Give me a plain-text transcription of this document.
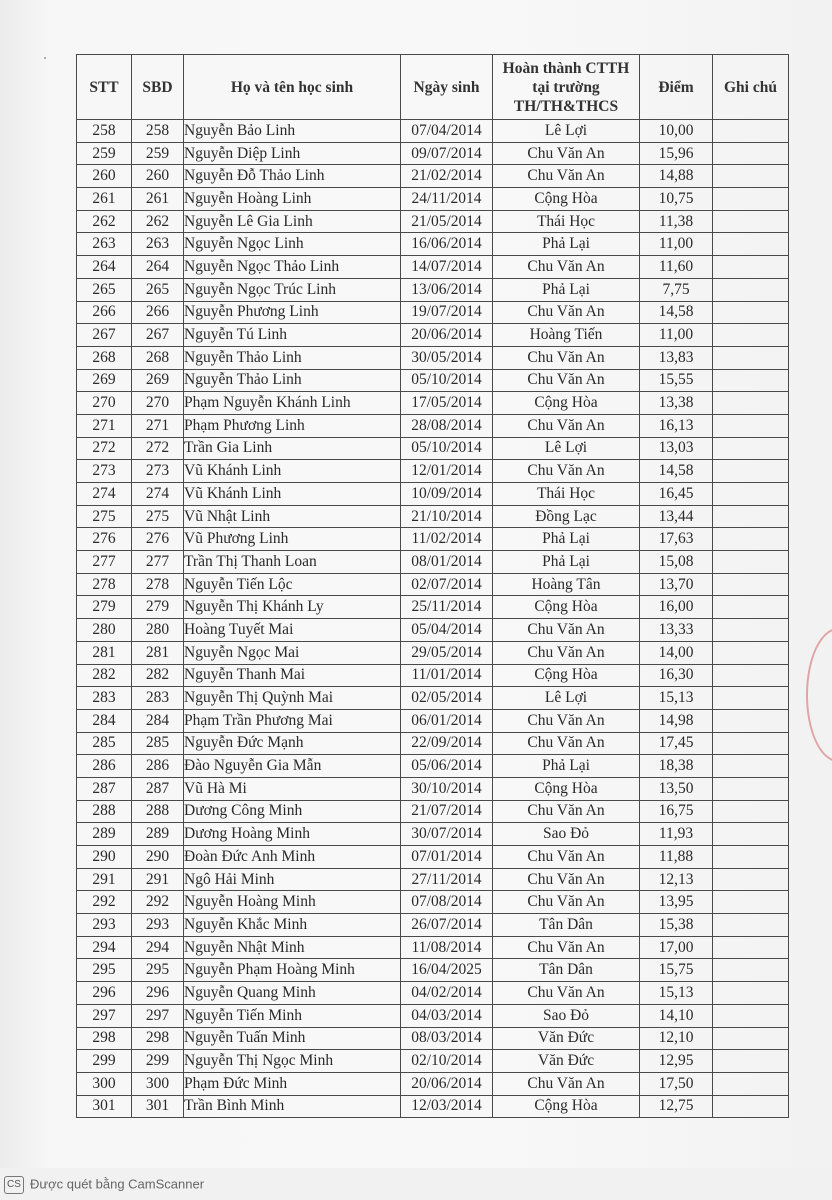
STT	SBD	Họ và tên học sinh	Ngày sinh	Hoàn thành CTTH tại trường TH/TH&THCS	Điểm	Ghi chú
258	258	Nguyễn Bảo Linh	07/04/2014	Lê Lợi	10,00	
259	259	Nguyễn Diệp Linh	09/07/2014	Chu Văn An	15,96	
260	260	Nguyễn Đỗ Thảo Linh	21/02/2014	Chu Văn An	14,88	
261	261	Nguyễn Hoàng Linh	24/11/2014	Cộng Hòa	10,75	
262	262	Nguyễn Lê Gia Linh	21/05/2014	Thái Học	11,38	
263	263	Nguyễn Ngọc Linh	16/06/2014	Phả Lại	11,00	
264	264	Nguyễn Ngọc Thảo Linh	14/07/2014	Chu Văn An	11,60	
265	265	Nguyễn Ngọc Trúc Linh	13/06/2014	Phả Lại	7,75	
266	266	Nguyễn Phương Linh	19/07/2014	Chu Văn An	14,58	
267	267	Nguyễn Tú Linh	20/06/2014	Hoàng Tiến	11,00	
268	268	Nguyễn Thảo Linh	30/05/2014	Chu Văn An	13,83	
269	269	Nguyễn Thảo Linh	05/10/2014	Chu Văn An	15,55	
270	270	Phạm Nguyễn Khánh Linh	17/05/2014	Cộng Hòa	13,38	
271	271	Phạm Phương Linh	28/08/2014	Chu Văn An	16,13	
272	272	Trần Gia Linh	05/10/2014	Lê Lợi	13,03	
273	273	Vũ Khánh Linh	12/01/2014	Chu Văn An	14,58	
274	274	Vũ Khánh Linh	10/09/2014	Thái Học	16,45	
275	275	Vũ Nhật Linh	21/10/2014	Đồng Lạc	13,44	
276	276	Vũ Phương Linh	11/02/2014	Phả Lại	17,63	
277	277	Trần Thị Thanh Loan	08/01/2014	Phả Lại	15,08	
278	278	Nguyễn Tiến Lộc	02/07/2014	Hoàng Tân	13,70	
279	279	Nguyễn Thị Khánh Ly	25/11/2014	Cộng Hòa	16,00	
280	280	Hoàng Tuyết Mai	05/04/2014	Chu Văn An	13,33	
281	281	Nguyễn Ngọc Mai	29/05/2014	Chu Văn An	14,00	
282	282	Nguyễn Thanh Mai	11/01/2014	Cộng Hòa	16,30	
283	283	Nguyễn Thị Quỳnh Mai	02/05/2014	Lê Lợi	15,13	
284	284	Phạm Trần Phương Mai	06/01/2014	Chu Văn An	14,98	
285	285	Nguyễn Đức Mạnh	22/09/2014	Chu Văn An	17,45	
286	286	Đào Nguyễn Gia Mẫn	05/06/2014	Phả Lại	18,38	
287	287	Vũ Hà Mi	30/10/2014	Cộng Hòa	13,50	
288	288	Dương Công Minh	21/07/2014	Chu Văn An	16,75	
289	289	Dương Hoàng Minh	30/07/2014	Sao Đỏ	11,93	
290	290	Đoàn Đức Anh Minh	07/01/2014	Chu Văn An	11,88	
291	291	Ngô Hải Minh	27/11/2014	Chu Văn An	12,13	
292	292	Nguyễn Hoàng Minh	07/08/2014	Chu Văn An	13,95	
293	293	Nguyễn Khắc Minh	26/07/2014	Tân Dân	15,38	
294	294	Nguyễn Nhật Minh	11/08/2014	Chu Văn An	17,00	
295	295	Nguyễn Phạm Hoàng Minh	16/04/2025	Tân Dân	15,75	
296	296	Nguyễn Quang Minh	04/02/2014	Chu Văn An	15,13	
297	297	Nguyễn Tiến Minh	04/03/2014	Sao Đỏ	14,10	
298	298	Nguyễn Tuấn Minh	08/03/2014	Văn Đức	12,10	
299	299	Nguyễn Thị Ngọc Minh	02/10/2014	Văn Đức	12,95	
300	300	Phạm Đức Minh	20/06/2014	Chu Văn An	17,50	
301	301	Trần Bình Minh	12/03/2014	Cộng Hòa	12,75	
CS Được quét bằng CamScanner
